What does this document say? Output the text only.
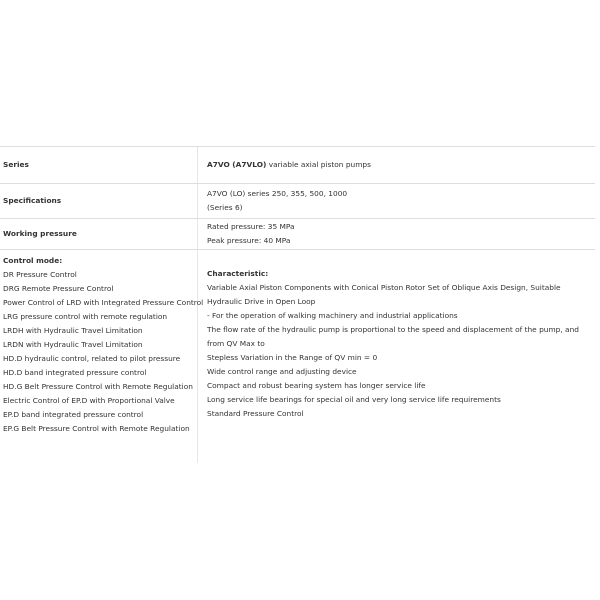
Series	A7VO (A7VLO) variable axial piston pumps
Specifications
A7VO (LO) series 250, 355, 500, 1000
(Series 6)
Working pressure
Rated pressure: 35 MPa
Peak pressure: 40 MPa
Control mode:
DR Pressure Control
DRG Remote Pressure Control
Power Control of LRD with Integrated Pressure Control
LRG pressure control with remote regulation
LRDH with Hydraulic Travel Limitation
LRDN with Hydraulic Travel Limitation
HD.D hydraulic control, related to pilot pressure
HD.D band integrated pressure control
HD.G Belt Pressure Control with Remote Regulation
Electric Control of EP.D with Proportional Valve
EP.D band integrated pressure control
EP.G Belt Pressure Control with Remote Regulation
Characteristic:
Variable Axial Piston Components with Conical Piston Rotor Set of Oblique Axis Design, Suitable
Hydraulic Drive in Open Loop
- For the operation of walking machinery and industrial applications
The flow rate of the hydraulic pump is proportional to the speed and displacement of the pump, and
from QV Max to
Stepless Variation in the Range of QV min = 0
Wide control range and adjusting device
Compact and robust bearing system has longer service life
Long service life bearings for special oil and very long service life requirements
Standard Pressure Control
